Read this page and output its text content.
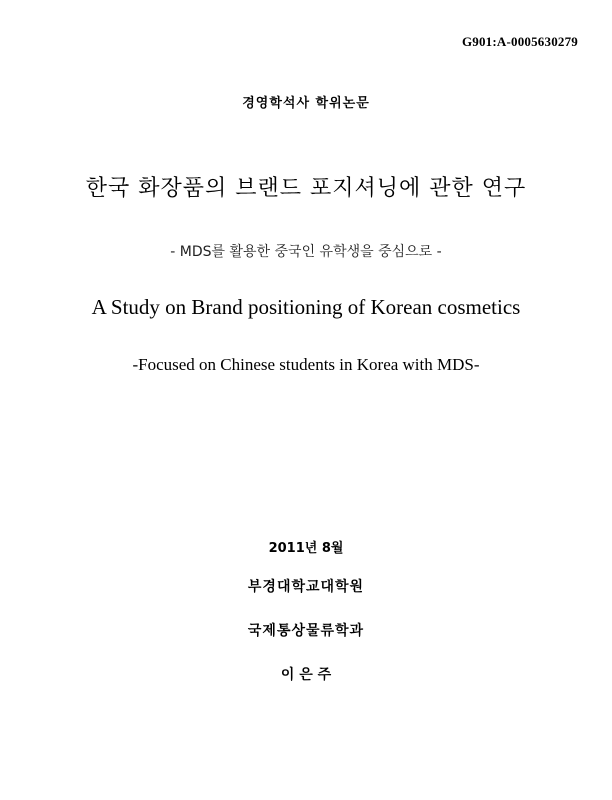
G901:A-0005630279
경영학석사 학위논문
한국 화장품의 브랜드 포지셔닝에 관한 연구
- MDS를 활용한 중국인 유학생을 중심으로 -
A Study on Brand positioning of Korean cosmetics
-Focused on Chinese students in Korea with MDS-
2011년 8월
부경대학교대학원
국제통상물류학과
이 은 주
